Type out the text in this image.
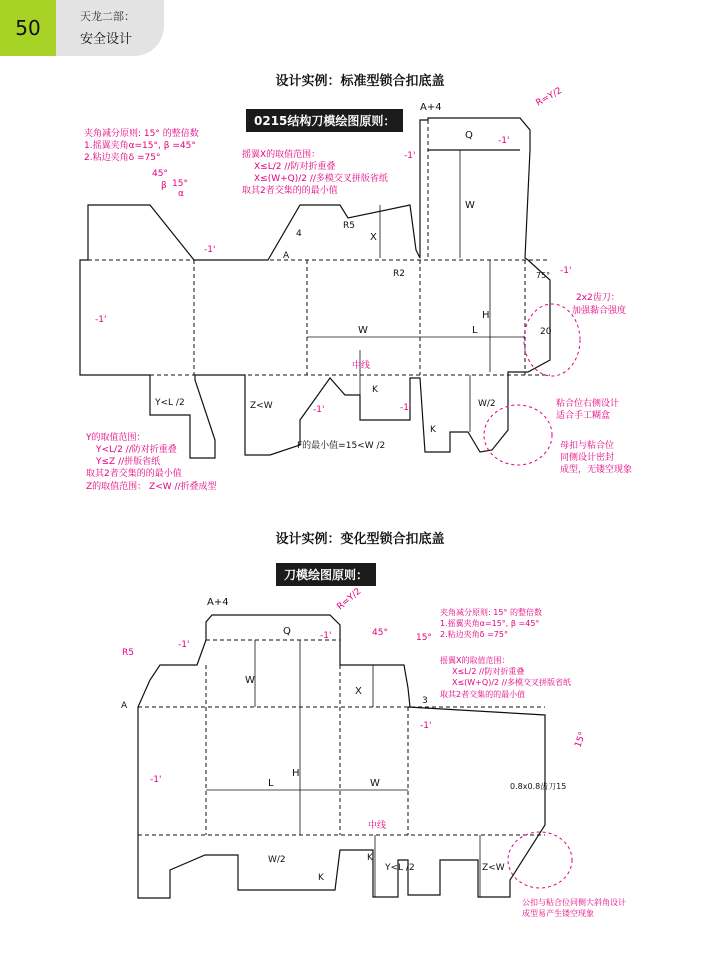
50	天龙二部：
安全设计
设计实例：标准型锁合扣底盖
0215结构刀模绘图原则：
A+4
Q
W
X
R5
R2
4
A
H
L
W	20
75°
中线
K
K
Y<L /2	Z<W	W/2
F的最小值=15<W /2
R=Y/2
-1'
-1'
-1'
-1'
-1'
-1'	-1'
45°
15°
β
α
夹角减分原则: 15° 的整倍数
1.摇翼夹角α=15°, β =45°
2.粘边夹角δ =75°	摇翼X的取值范围：
X≤L/2 //防对折重叠
X≤(W+Q)/2 //多模交叉拼版省纸
取其2者交集的的最小值
Y的取值范围：
Y<L/2 //防对折重叠
Y≤Z //拼版省纸
取其2者交集的的最小值
Z的取值范围： Z<W //折叠成型
2x2齿刀：
加强黏合强度
粘合位右侧设计
适合手工糊盒
母扣与粘合位
同侧设计密封
成型，无镂空现象
设计实例：变化型锁合扣底盖
刀模绘图原则：
A+4
Q
W
X
A
H
L	W
3
0.8x0.8齿刀15
中线
W/2
K
K
Y<L /2	Z<W
R=Y/2
-1'
-1'
-1'
-1'
R5
45°	15°
15°
夹角减分原则: 15° 的整倍数
1.摇翼夹角α=15°, β =45°
2.粘边夹角δ =75°
摇翼X的取值范围：
X≤L/2 //防对折重叠
X≤(W+Q)/2 //多模交叉拼版省纸
取其2者交集的的最小值
公扣与粘合位同侧大斜角设计
成型易产生镂空现象
